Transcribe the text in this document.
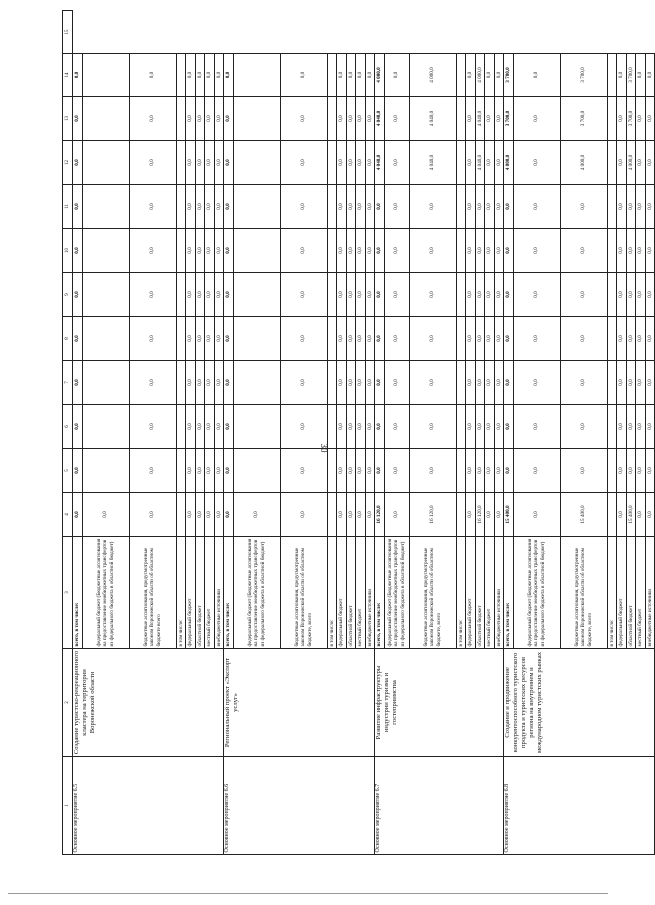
30
1	2	3	4	5	6	7	8	9	10	11	12	13	14	15
Основное мероприятие 6.5	Создание туристско-рекреационного кластера на территории Воронежской области	всего, в том числе:	0,0	0,0	0,0	0,0	0,0	0,0	0,0	0,0	0,0	0,0	0,0	
		федеральный бюджет (Бюджетные ассигнования на предоставление межбюджетных трансфертов из федерального бюджета в областной бюджет)	0,0											
		бюджетные ассигнования, предусмотренные законом Воронежской области об областном бюджете всего	0,0	0,0	0,0	0,0	0,0	0,0	0,0	0,0	0,0	0,0	0,0	
		в том числе:												
		федеральный бюджет	0,0	0,0	0,0	0,0	0,0	0,0	0,0	0,0	0,0	0,0	0,0	
		областной бюджет	0,0	0,0	0,0	0,0	0,0	0,0	0,0	0,0	0,0	0,0	0,0	
		местный бюджет	0,0	0,0	0,0	0,0	0,0	0,0	0,0	0,0	0,0	0,0	0,0	
		внебюджетные источники	0,0	0,0	0,0	0,0	0,0	0,0	0,0	0,0	0,0	0,0	0,0	
Основное мероприятие 6.6	Региональный проект «Экспорт услуг»	всего, в том числе:	0,0	0,0	0,0	0,0	0,0	0,0	0,0	0,0	0,0	0,0	0,0	
		федеральный бюджет (Бюджетные ассигнования на предоставление межбюджетных трансфертов из федерального бюджета в областной бюджет)	0,0											
		бюджетные ассигнования, предусмотренные законом Воронежской области об областном бюджете, всего	0,0	0,0	0,0	0,0	0,0	0,0	0,0	0,0	0,0	0,0	0,0	
		в том числе:												
		федеральный бюджет	0,0	0,0	0,0	0,0	0,0	0,0	0,0	0,0	0,0	0,0	0,0	
		областной бюджет	0,0	0,0	0,0	0,0	0,0	0,0	0,0	0,0	0,0	0,0	0,0	
		местный бюджет	0,0	0,0	0,0	0,0	0,0	0,0	0,0	0,0	0,0	0,0	0,0	
		внебюджетные источники	0,0	0,0	0,0	0,0	0,0	0,0	0,0	0,0	0,0	0,0	0,0	
Основное мероприятие 6.7	Развитие инфраструктуры индустрии туризма и гостеприимства	всего, в том числе:	16 120,0	0,0	0,0	0,0	0,0	0,0	0,0	0,0	4 040,0	4 040,0	4 000,0	
		федеральный бюджет (Бюджетные ассигнования на предоставление межбюджетных трансфертов из федерального бюджета в областной бюджет)	0,0	0,0	0,0	0,0	0,0	0,0	0,0	0,0	0,0	0,0	0,0	
		бюджетные ассигнования, предусмотренные законом Воронежской области об областном бюджете, всего	16 120,0	0,0	0,0	0,0	0,0	0,0	0,0	0,0	4 040,0	4 040,0	4 000,0	
		в том числе:												
		федеральный бюджет	0,0	0,0	0,0	0,0	0,0	0,0	0,0	0,0	0,0	0,0	0,0	
		областной бюджет	16 120,0	0,0	0,0	0,0	0,0	0,0	0,0	0,0	4 040,0	4 040,0	4 000,0	
		местный бюджет	0,0	0,0	0,0	0,0	0,0	0,0	0,0	0,0	0,0	0,0	0,0	
		внебюджетные источники	0,0	0,0	0,0	0,0	0,0	0,0	0,0	0,0	0,0	0,0	0,0	
Основное мероприятие 6.8	Создание и продвижение конкурентоспособного туристского продукта и туристских ресурсов региона на внутреннем и международном туристских рынках	всего, в том числе:	15 400,0	0,0	0,0	0,0	0,0	0,0	0,0	0,0	4 000,0	3 700,0	3 700,0	
		федеральный бюджет (Бюджетные ассигнования на предоставление межбюджетных трансфертов из федерального бюджета в областной бюджет)	0,0	0,0	0,0	0,0	0,0	0,0	0,0	0,0	0,0	0,0	0,0	
		бюджетные ассигнования, предусмотренные законом Воронежской области об областном бюджете, всего	15 400,0	0,0	0,0	0,0	0,0	0,0	0,0	0,0	4 000,0	3 700,0	3 700,0	
		в том числе:												
		федеральный бюджет	0,0	0,0	0,0	0,0	0,0	0,0	0,0	0,0	0,0	0,0	0,0	
		областной бюджет	15 400,0	0,0	0,0	0,0	0,0	0,0	0,0	0,0	4 000,0	3 700,0	3 700,0	
		местный бюджет	0,0	0,0	0,0	0,0	0,0	0,0	0,0	0,0	0,0	0,0	0,0	
		внебюджетные источники	0,0	0,0	0,0	0,0	0,0	0,0	0,0	0,0	0,0	0,0	0,0	
